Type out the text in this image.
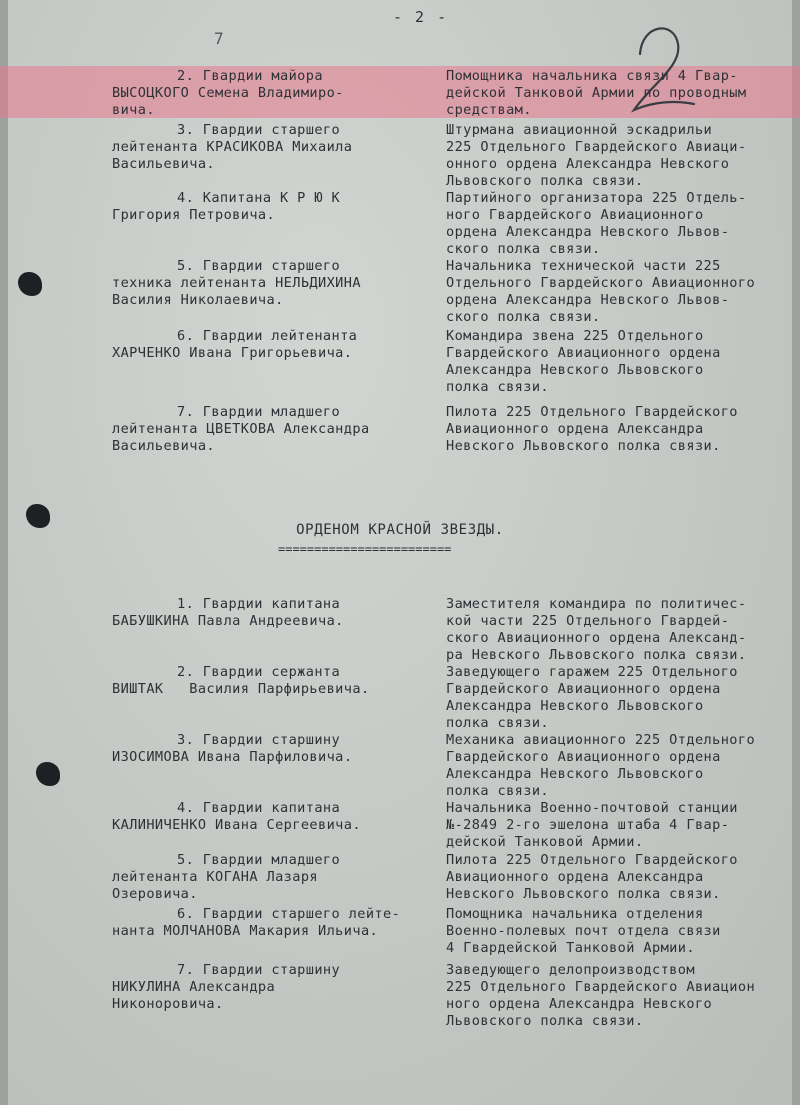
- 2 -
7
2. Гвардии майора
ВЫСОЦКОГО Семена Владимиро-
вича.
Помощника начальника связи 4 Гвар-
дейской Танковой Армии по проводным
средствам.
3. Гвардии старшего
лейтенанта КРАСИКОВА Михаила
Васильевича.
Штурмана авиационной эскадрильи
225 Отдельного Гвардейского Авиаци-
онного ордена Александра Невского
Львовского полка связи.
4. Капитана К Р Ю К
Григория Петровича.
Партийного организатора 225 Отдель-
ного Гвардейского Авиационного
ордена Александра Невского Львов-
ского полка связи.
5. Гвардии старшего
техника лейтенанта НЕЛЬДИХИНА
Василия Николаевича.
Начальника технической части 225
Отдельного Гвардейского Авиационного
ордена Александра Невского Львов-
ского полка связи.
6. Гвардии лейтенанта
ХАРЧЕНКО Ивана Григорьевича.
Командира звена 225 Отдельного
Гвардейского Авиационного ордена
Александра Невского Львовского
полка связи.
7. Гвардии младшего
лейтенанта ЦВЕТКОВА Александра
Васильевича.
Пилота 225 Отдельного Гвардейского
Авиационного ордена Александра
Невского Львовского полка связи.
ОРДЕНОМ КРАСНОЙ ЗВЕЗДЫ.
========================
1. Гвардии капитана
БАБУШКИНА Павла Андреевича.
Заместителя командира по политичес-
кой части 225 Отдельного Гвардей-
ского Авиационного ордена Александ-
ра Невского Львовского полка связи.
2. Гвардии сержанта
ВИШТАК   Василия Парфирьевича.
Заведующего гаражем 225 Отдельного
Гвардейского Авиационного ордена
Александра Невского Львовского
полка связи.
3. Гвардии старшину
ИЗОСИМОВА Ивана Парфиловича.
Механика авиационного 225 Отдельного
Гвардейского Авиационного ордена
Александра Невского Львовского
полка связи.
4. Гвардии капитана
КАЛИНИЧЕНКО Ивана Сергеевича.
Начальника Военно-почтовой станции
№-2849 2-го эшелона штаба 4 Гвар-
дейской Танковой Армии.
5. Гвардии младшего
лейтенанта КОГАНА Лазаря
Озеровича.
Пилота 225 Отдельного Гвардейского
Авиационного ордена Александра
Невского Львовского полка связи.
6. Гвардии старшего лейте-
нанта МОЛЧАНОВА Макария Ильича.
Помощника начальника отделения
Военно-полевых почт отдела связи
4 Гвардейской Танковой Армии.
7. Гвардии старшину
НИКУЛИНА Александра
Никоноровича.
Заведующего делопроизводством
225 Отдельного Гвардейского Авиацион
ного ордена Александра Невского
Львовского полка связи.
